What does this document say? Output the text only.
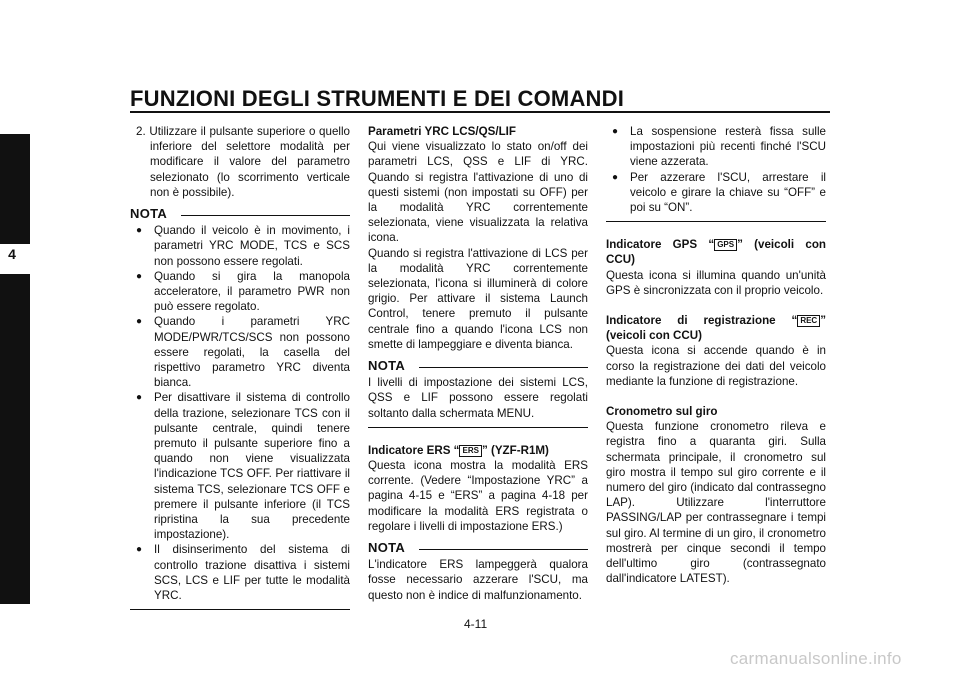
FUNZIONI DEGLI STRUMENTI E DEI COMANDI
4

2. Utilizzare il pulsante superiore o quello inferiore del selettore modalità per modificare il valore del parametro selezionato (lo scorrimento verticale non è possibile).

NOTA

● Quando il veicolo è in movimento, i parametri YRC MODE, TCS e SCS non possono essere regolati.

● Quando si gira la manopola acceleratore, il parametro PWR non può essere regolato.

● Quando i parametri YRC MODE/PWR/TCS/SCS non possono essere regolati, la casella del rispettivo parametro YRC diventa bianca.

● Per disattivare il sistema di controllo della trazione, selezionare TCS con il pulsante centrale, quindi tenere premuto il pulsante superiore fino a quando non viene visualizzata l'indicazione TCS OFF. Per riattivare il sistema TCS, selezionare TCS OFF e premere il pulsante inferiore (il TCS ripristina la sua precedente impostazione).

● Il disinserimento del sistema di controllo trazione disattiva i sistemi SCS, LCS e LIF per tutte le modalità YRC.

Parametri YRC LCS/QS/LIF

Qui viene visualizzato lo stato on/off dei parametri LCS, QSS e LIF di YRC. Quando si registra l'attivazione di uno di questi sistemi (non impostati su OFF) per la modalità YRC correntemente selezionata, viene visualizzata la relativa icona.

Quando si registra l'attivazione di LCS per la modalità YRC correntemente selezionata, l'icona si illuminerà di colore grigio. Per attivare il sistema Launch Control, tenere premuto il pulsante centrale fino a quando l'icona LCS non smette di lampeggiare e diventa bianca.

NOTA

I livelli di impostazione dei sistemi LCS, QSS e LIF possono essere regolati soltanto dalla schermata MENU.

Indicatore ERS “ ERS ” (YZF-R1M)

Questa icona mostra la modalità ERS corrente. (Vedere “Impostazione YRC” a pagina 4-15 e “ERS” a pagina 4-18 per modificare la modalità ERS registrata o regolare i livelli di impostazione ERS.)

NOTA

L'indicatore ERS lampeggerà qualora fosse necessario azzerare l'SCU, ma questo non è indice di malfunzionamento.

● La sospensione resterà fissa sulle impostazioni più recenti finché l'SCU viene azzerata.

● Per azzerare l'SCU, arrestare il veicolo e girare la chiave su “OFF” e poi su “ON”.

Indicatore GPS “ GPS ” (veicoli con CCU)

Questa icona si illumina quando un'unità GPS è sincronizzata con il proprio veicolo.

Indicatore di registrazione “ REC ” (veicoli con CCU)

Questa icona si accende quando è in corso la registrazione dei dati del veicolo mediante la funzione di registrazione.

Cronometro sul giro

Questa funzione cronometro rileva e registra fino a quaranta giri. Sulla schermata principale, il cronometro sul giro mostra il tempo sul giro corrente e il numero del giro (indicato dal contrassegno LAP). Utilizzare l'interruttore PASSING/LAP per contrassegnare i tempi sul giro. Al termine di un giro, il cronometro mostrerà per cinque secondi il tempo dell'ultimo giro (contrassegnato dall'indicatore LATEST).

4-11
carmanualsonline.info
